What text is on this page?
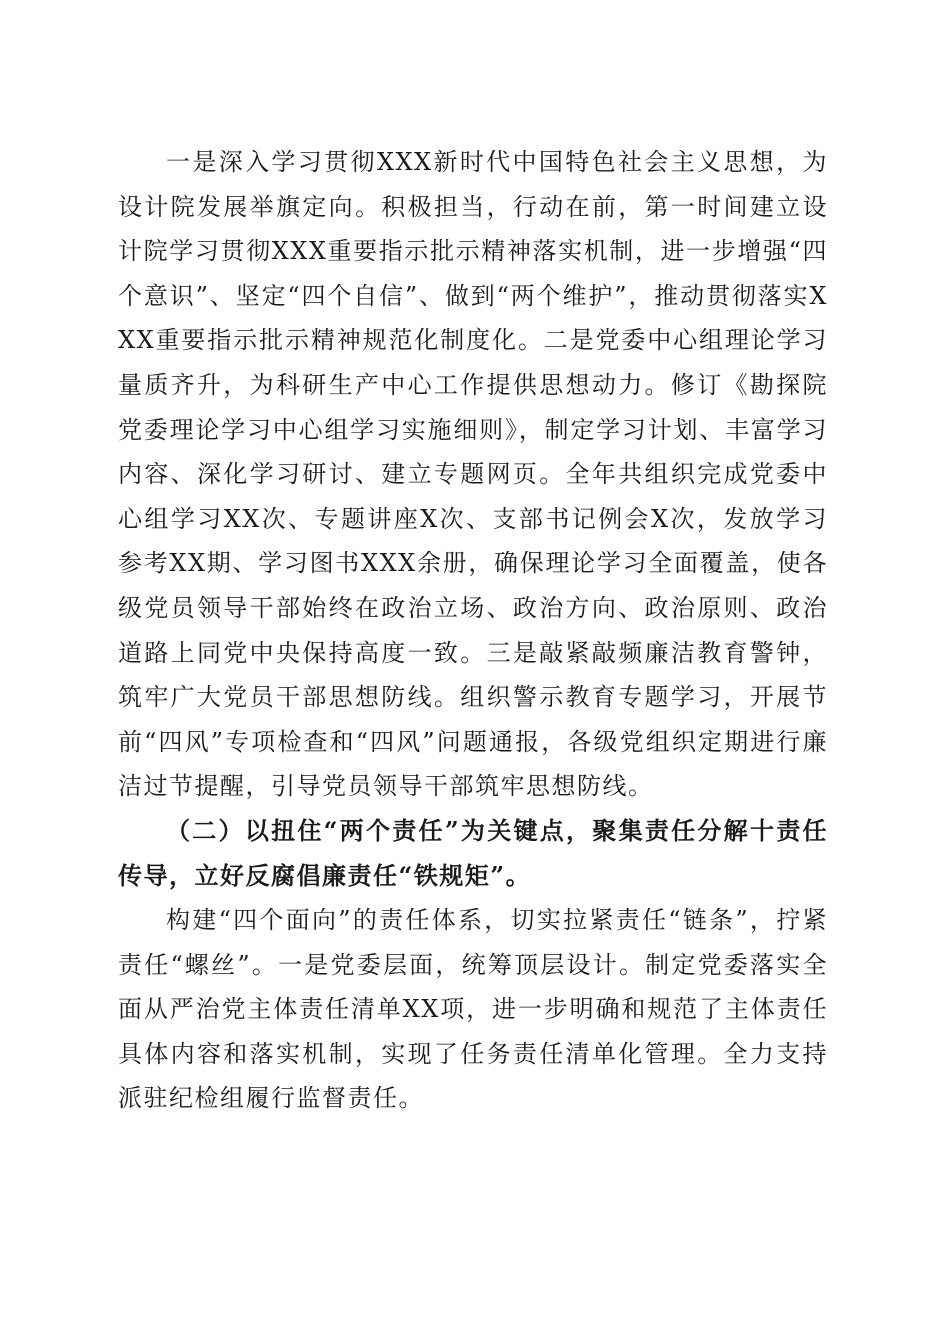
一是深入学习贯彻XXX新时代中国特色社会主义思想，为设计院发展举旗定向。积极担当，行动在前，第一时间建立设计院学习贯彻XXX重要指示批示精神落实机制，进一步增强“四个意识”、坚定“四个自信”、做到“两个维护”，推动贯彻落实XXX重要指示批示精神规范化制度化。二是党委中心组理论学习量质齐升，为科研生产中心工作提供思想动力。修订《勘探院党委理论学习中心组学习实施细则》，制定学习计划、丰富学习内容、深化学习研讨、建立专题网页。全年共组织完成党委中心组学习XX次、专题讲座X次、支部书记例会X次，发放学习参考XX期、学习图书XXX余册，确保理论学习全面覆盖，使各级党员领导干部始终在政治立场、政治方向、政治原则、政治道路上同党中央保持高度一致。三是敲紧敲频廉洁教育警钟，筑牢广大党员干部思想防线。组织警示教育专题学习，开展节前“四风”专项检查和“四风”问题通报，各级党组织定期进行廉洁过节提醒，引导党员领导干部筑牢思想防线。

（二）以扭住“两个责任”为关键点，聚集责任分解十责任传导，立好反腐倡廉责任“铁规矩”。

构建“四个面向”的责任体系，切实拉紧责任“链条”，拧紧责任“螺丝”。一是党委层面，统筹顶层设计。制定党委落实全面从严治党主体责任清单XX项，进一步明确和规范了主体责任具体内容和落实机制，实现了任务责任清单化管理。全力支持派驻纪检组履行监督责任。
